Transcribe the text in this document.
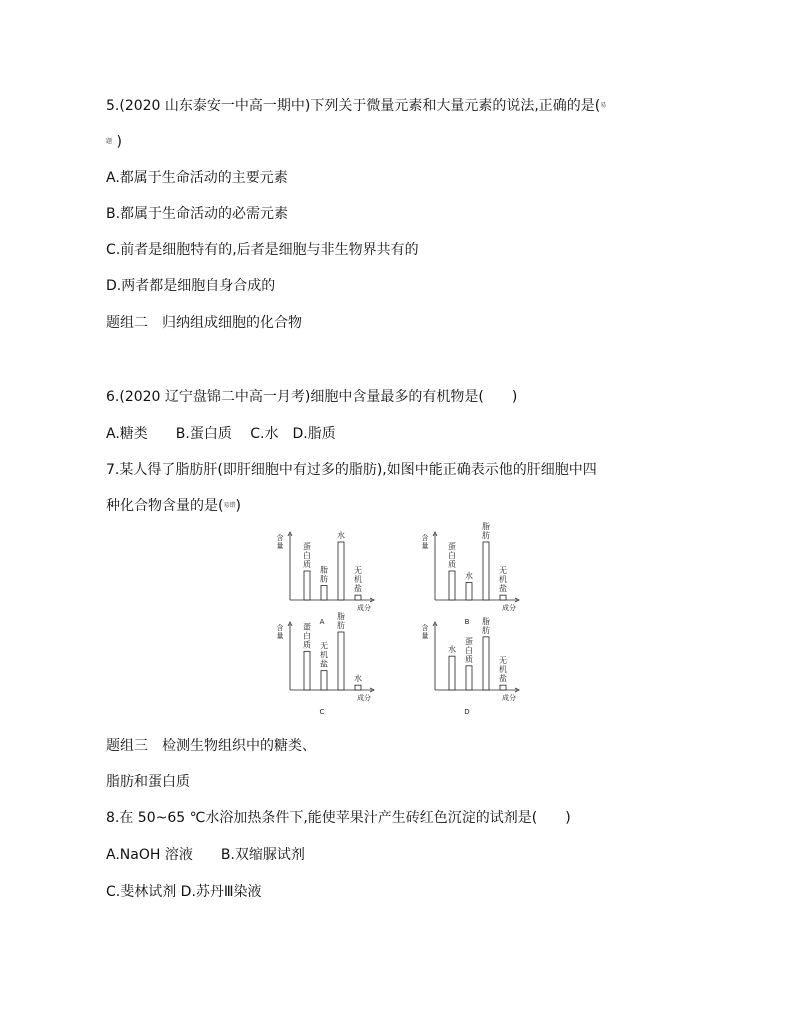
5.(2020 山东泰安一中高一期中)下列关于微量元素和大量元素的说法,正确的是(易
题 )
A.都属于生命活动的主要元素
B.都属于生命活动的必需元素
C.前者是细胞特有的,后者是细胞与非生物界共有的
D.两者都是细胞自身合成的
题组二　归纳组成细胞的化合物
6.(2020 辽宁盘锦二中高一月考)细胞中含量最多的有机物是(　　)
A.糖类　　B.蛋白质　 C.水　D.脂质
7.某人得了脂肪肝(即肝细胞中有过多的脂肪),如图中能正确表示他的肝细胞中四
种化合物含量的是(易错)
含
量
成分
A
蛋
白
质
脂
肪
水
无
机
盐
含
量
成分
B
蛋
白
质
水
脂
肪
无
机
盐
含
量
成分
C
蛋
白
质 无
机
盐
脂
肪
水
含
量
成分
D
水
蛋
白
质
脂
肪
无
机
盐
题组三　检测生物组织中的糖类、
脂肪和蛋白质
8.在 50~65 ℃水浴加热条件下,能使苹果汁产生砖红色沉淀的试剂是(　　)
A.NaOH 溶液　　B.双缩脲试剂
C.斐林试剂 D.苏丹Ⅲ染液
